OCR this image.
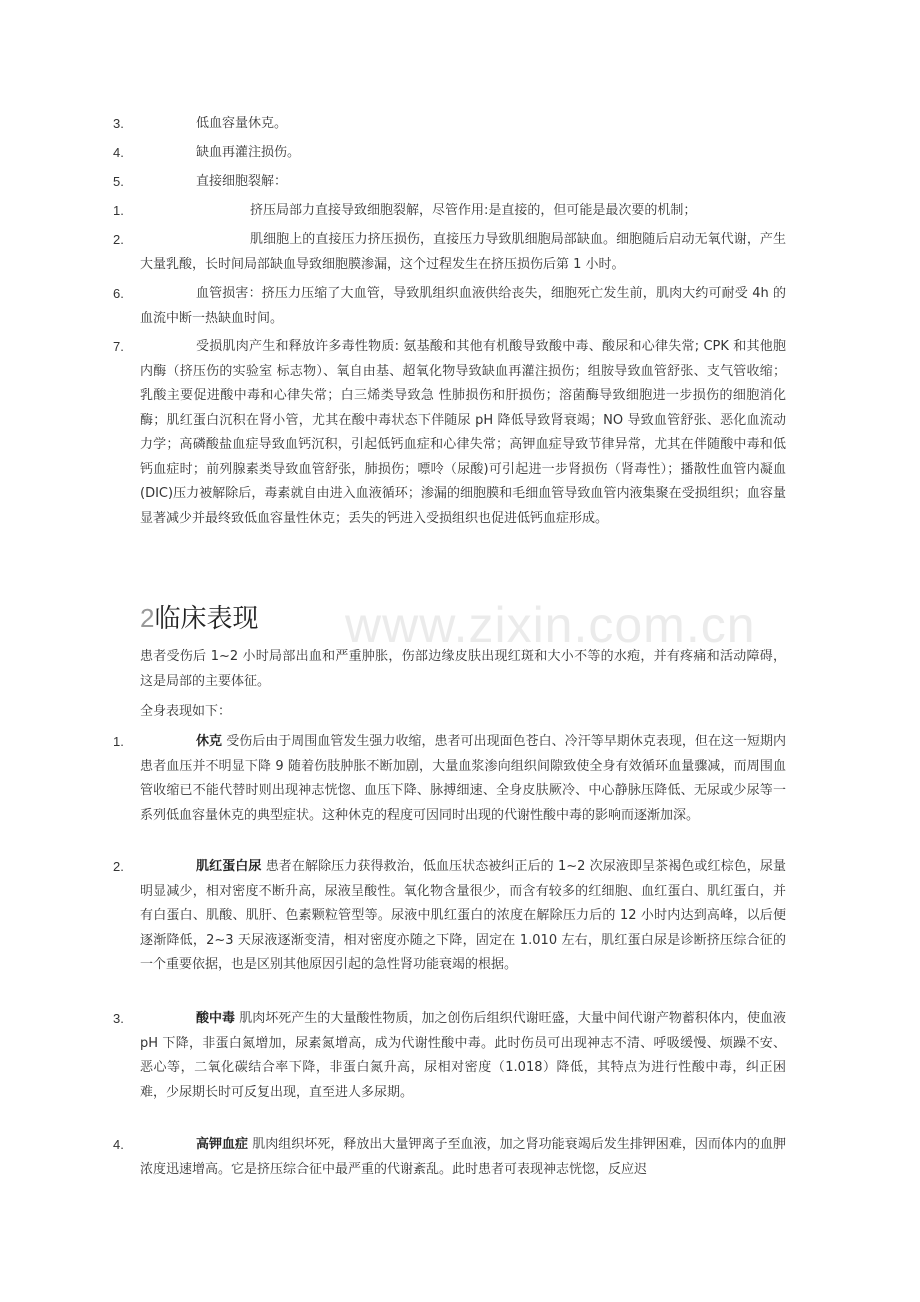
www.zixin.com.cn
3.	低血容量休克。
4.	缺血再灌注损伤。
5.	直接细胞裂解：
1.	挤压局部力直接导致细胞裂解，尽管作用:是直接的，但可能是最次要的机制；
2.	肌细胞上的直接压力挤压损伤，直接压力导致肌细胞局部缺血。细胞随后启动无氧代谢，产生大量乳酸，长时间局部缺血导致细胞膜渗漏，这个过程发生在挤压损伤后第 1 小时。
6.	血管损害：挤压力压缩了大血管，导致肌组织血液供给丧失，细胞死亡发生前，肌肉大约可耐受 4h 的血流中断一热缺血时间。
7.	受损肌肉产生和释放许多毒性物质: 氨基酸和其他有机酸导致酸中毒、酸尿和心律失常; CPK 和其他胞内酶（挤压伤的实验室 标志物）、氧自由基、超氧化物导致缺血再灌注损伤；组胺导致血管舒张、支气管收缩；乳酸主要促进酸中毒和心律失常；白三烯类导致急 性肺损伤和肝损伤；溶菌酶导致细胞进一步损伤的细胞消化酶；肌红蛋白沉积在肾小管，尤其在酸中毒状态下伴随尿 pH 降低导致肾衰竭；NO 导致血管舒张、恶化血流动力学；高磷酸盐血症导致血钙沉积，引起低钙血症和心律失常；高钾血症导致节律异常，尤其在伴随酸中毒和低钙血症时；前列腺素类导致血管舒张，肺损伤；嘌呤（尿酸)可引起进一步肾损伤（肾毒性）；播散性血管内凝血(DIC)压力被解除后，毒素就自由进入血液循环；渗漏的细胞膜和毛细血管导致血管内液集聚在受损组织；血容量显著减少并最终致低血容量性休克；丢失的钙进入受损组织也促进低钙血症形成。
2临床表现
患者受伤后 1~2 小时局部出血和严重肿胀，伤部边缘皮肤出现红斑和大小不等的水疱，并有疼痛和活动障碍，这是局部的主要体征。
全身表现如下：
1.	休克 受伤后由于周围血管发生强力收缩，患者可出现面色苍白、冷汗等早期休克表现，但在这一短期内患者血压并不明显下降 9 随着伤肢肿胀不断加剧，大量血浆渗向组织间隙致使全身有效循环血量骤减，而周围血管收缩已不能代替时则出现神志恍惚、血压下降、脉搏细速、全身皮肤厥冷、中心静脉压降低、无尿或少尿等一系列低血容量休克的典型症状。这种休克的程度可因同时出现的代谢性酸中毒的影响而逐渐加深。
2.	肌红蛋白尿 患者在解除压力获得救治，低血压状态被纠正后的 1~2 次尿液即呈茶褐色或红棕色，尿量明显减少，相对密度不断升高，尿液呈酸性。氧化物含量很少，而含有较多的红细胞、血红蛋白、肌红蛋白，并有白蛋白、肌酸、肌肝、色素颗粒管型等。尿液中肌红蛋白的浓度在解除压力后的 12 小时内达到高峰，以后便逐渐降低，2~3 天尿液逐渐变清，相对密度亦随之下降，固定在 1.010 左右，肌红蛋白尿是诊断挤压综合征的一个重要依据，也是区别其他原因引起的急性肾功能衰竭的根据。
3.	酸中毒 肌肉坏死产生的大量酸性物质，加之创伤后组织代谢旺盛，大量中间代谢产物蓄积体内，使血液 pH 下降，非蛋白氮增加，尿素氮增高，成为代谢性酸中毒。此时伤员可出现神志不清、呼吸缓慢、烦躁不安、恶心等，二氧化碳结合率下降，非蛋白氮升高，尿相对密度（1.018）降低，其特点为进行性酸中毒，纠正困难，少尿期长时可反复出现，直至进人多尿期。
4.	高钾血症 肌肉组织坏死，释放出大量钾离子至血液，加之肾功能衰竭后发生排钾困难，因而体内的血胛浓度迅速增高。它是挤压综合征中最严重的代谢紊乱。此时患者可表现神志恍惚，反应迟
